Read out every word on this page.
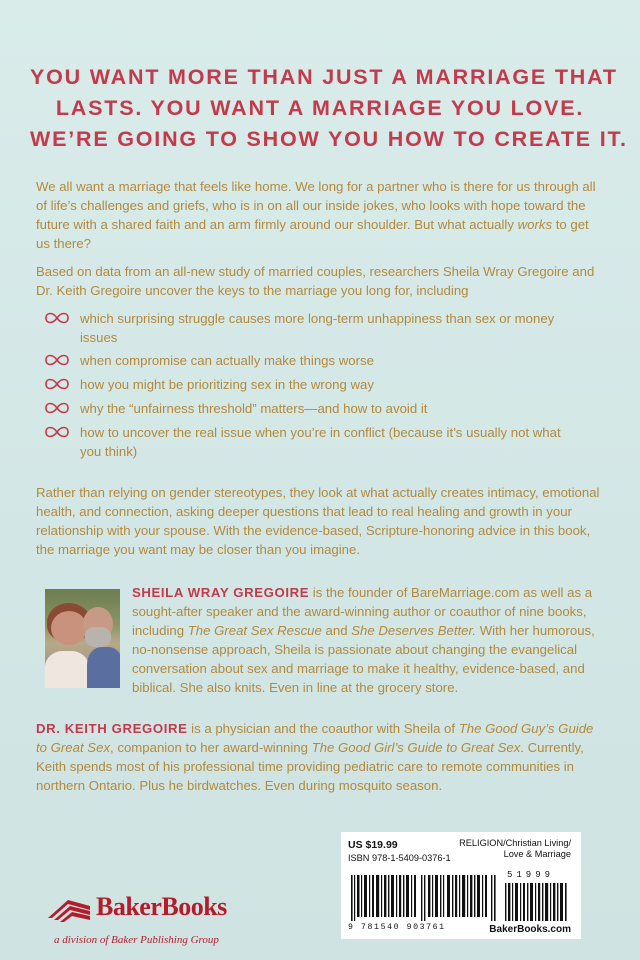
YOU WANT MORE THAN JUST A MARRIAGE THAT
LASTS. YOU WANT A MARRIAGE YOU LOVE.
WE’RE GOING TO SHOW YOU HOW TO CREATE IT.
We all want a marriage that feels like home. We long for a partner who is there for us through all of life’s challenges and griefs, who is in on all our inside jokes, who looks with hope toward the future with a shared faith and an arm firmly around our shoulder. But what actually works to get us there?
Based on data from an all-new study of married couples, researchers Sheila Wray Gregoire and Dr. Keith Gregoire uncover the keys to the marriage you long for, including
which surprising struggle causes more long-term unhappiness than sex or money issues
when compromise can actually make things worse
how you might be prioritizing sex in the wrong way
why the “unfairness threshold” matters—and how to avoid it
how to uncover the real issue when you’re in conflict (because it’s usually not what you think)
Rather than relying on gender stereotypes, they look at what actually creates intimacy, emotional health, and connection, asking deeper questions that lead to real healing and growth in your relationship with your spouse. With the evidence-based, Scripture-honoring advice in this book, the marriage you want may be closer than you imagine.
SHEILA WRAY GREGOIRE is the founder of BareMarriage.com as well as a sought-after speaker and the award-winning author or coauthor of nine books, including The Great Sex Rescue and She Deserves Better. With her humorous, no-nonsense approach, Sheila is passionate about changing the evangelical conversation about sex and marriage to make it healthy, evidence-based, and biblical. She also knits. Even in line at the grocery store.
DR. KEITH GREGOIRE is a physician and the coauthor with Sheila of The Good Guy’s Guide to Great Sex, companion to her award-winning The Good Girl’s Guide to Great Sex. Currently, Keith spends most of his professional time providing pediatric care to remote communities in northern Ontario. Plus he birdwatches. Even during mosquito season.
BakerBooks
a division of Baker Publishing Group
US $19.99
ISBN 978-1-5409-0376-1
RELIGION/Christian Living/ Love & Marriage
51999
9 781540 903761	BakerBooks.com
